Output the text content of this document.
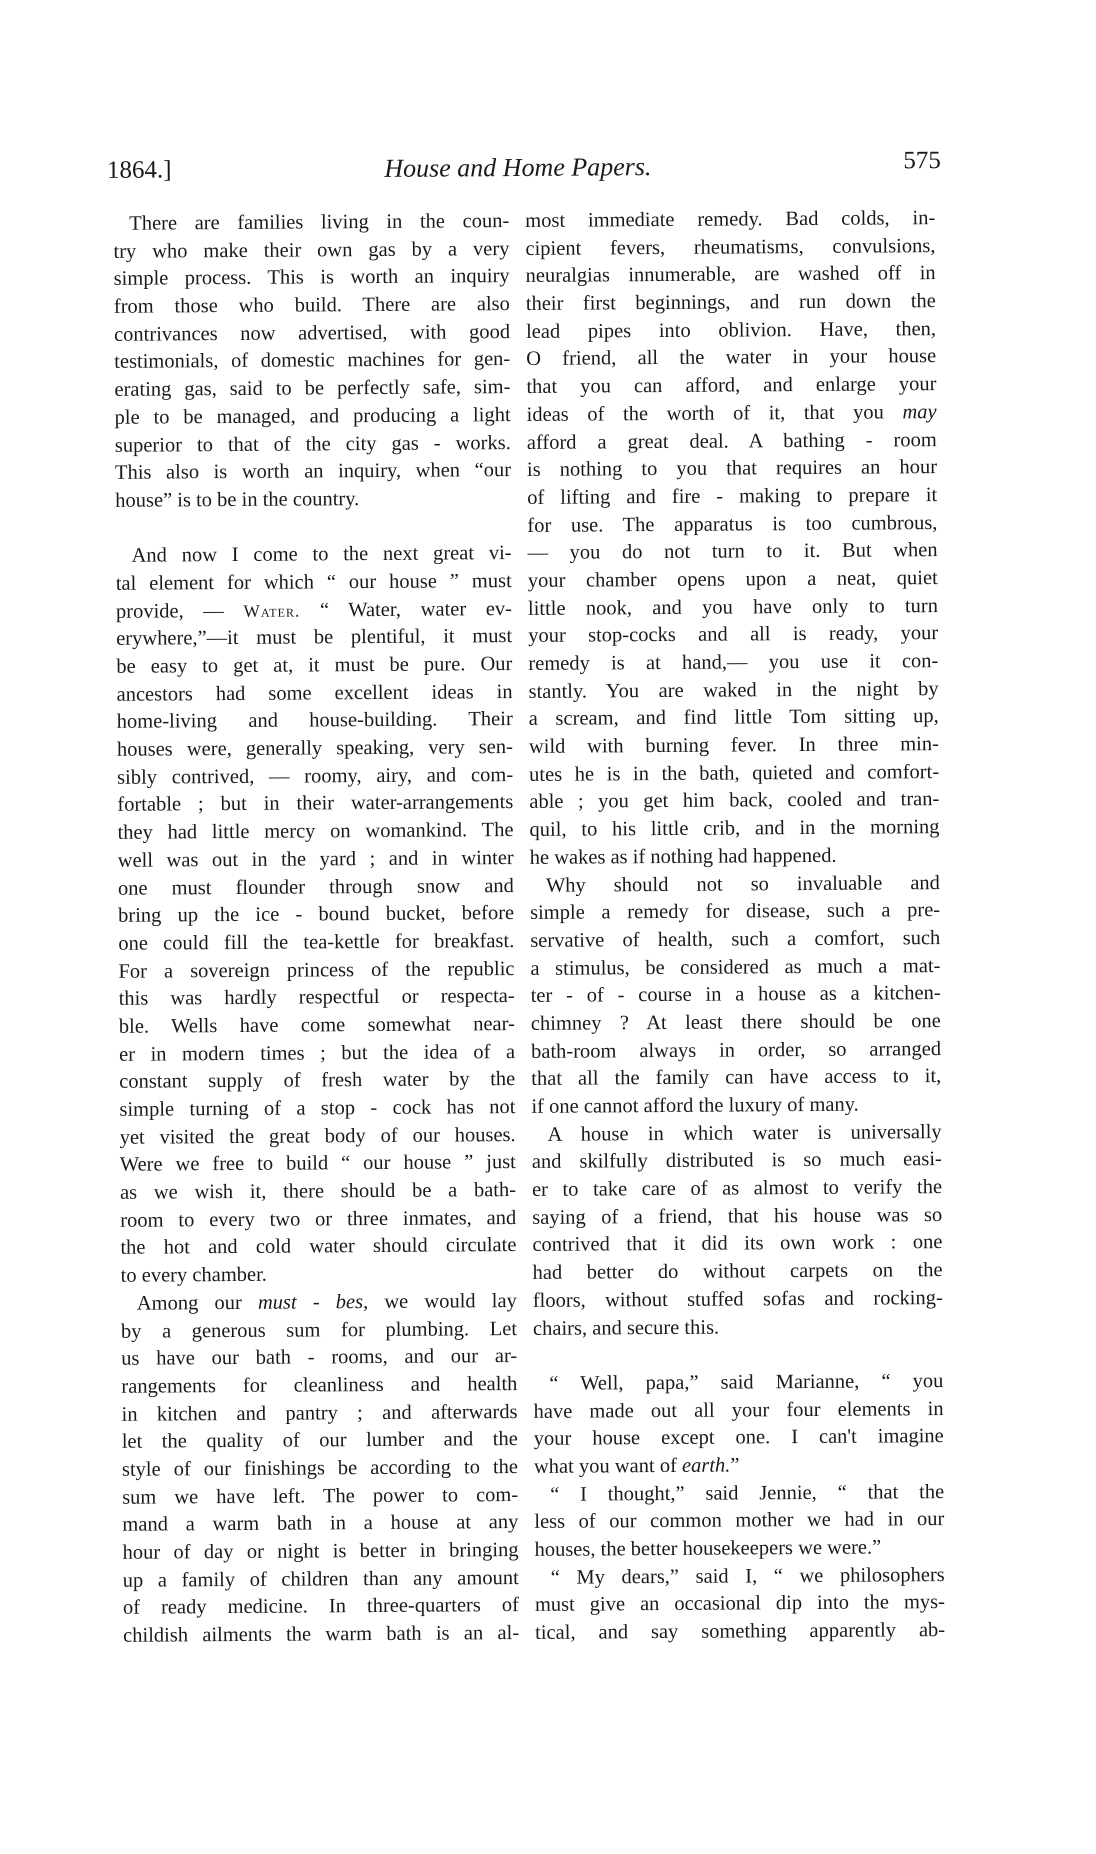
1864.]	House and Home Papers.	575
There are families living in the coun-
try who make their own gas by a very
simple process. This is worth an inquiry
from those who build. There are also
contrivances now advertised, with good
testimonials, of domestic machines for gen-
erating gas, said to be perfectly safe, sim-
ple to be managed, and producing a light
superior to that of the city gas - works.
This also is worth an inquiry, when “our
house” is to be in the country.
And now I come to the next great vi-
tal element for which “ our house ” must
provide, — Water. “ Water, water ev-
erywhere,”—it must be plentiful, it must
be easy to get at, it must be pure. Our
ancestors had some excellent ideas in
home-living and house-building. Their
houses were, generally speaking, very sen-
sibly contrived, — roomy, airy, and com-
fortable ; but in their water-arrangements
they had little mercy on womankind. The
well was out in the yard ; and in winter
one must flounder through snow and
bring up the ice - bound bucket, before
one could fill the tea-kettle for breakfast.
For a sovereign princess of the republic
this was hardly respectful or respecta-
ble. Wells have come somewhat near-
er in modern times ; but the idea of a
constant supply of fresh water by the
simple turning of a stop - cock has not
yet visited the great body of our houses.
Were we free to build “ our house ” just
as we wish it, there should be a bath-
room to every two or three inmates, and
the hot and cold water should circulate
to every chamber.
Among our must - bes, we would lay
by a generous sum for plumbing. Let
us have our bath - rooms, and our ar-
rangements for cleanliness and health
in kitchen and pantry ; and afterwards
let the quality of our lumber and the
style of our finishings be according to the
sum we have left. The power to com-
mand a warm bath in a house at any
hour of day or night is better in bringing
up a family of children than any amount
of ready medicine. In three-quarters of
childish ailments the warm bath is an al-
most immediate remedy. Bad colds, in-
cipient fevers, rheumatisms, convulsions,
neuralgias innumerable, are washed off in
their first beginnings, and run down the
lead pipes into oblivion. Have, then,
O friend, all the water in your house
that you can afford, and enlarge your
ideas of the worth of it, that you may
afford a great deal. A bathing - room
is nothing to you that requires an hour
of lifting and fire - making to prepare it
for use. The apparatus is too cumbrous,
— you do not turn to it. But when
your chamber opens upon a neat, quiet
little nook, and you have only to turn
your stop-cocks and all is ready, your
remedy is at hand,— you use it con-
stantly. You are waked in the night by
a scream, and find little Tom sitting up,
wild with burning fever. In three min-
utes he is in the bath, quieted and comfort-
able ; you get him back, cooled and tran-
quil, to his little crib, and in the morning
he wakes as if nothing had happened.
Why should not so invaluable and
simple a remedy for disease, such a pre-
servative of health, such a comfort, such
a stimulus, be considered as much a mat-
ter - of - course in a house as a kitchen-
chimney ? At least there should be one
bath-room always in order, so arranged
that all the family can have access to it,
if one cannot afford the luxury of many.
A house in which water is universally
and skilfully distributed is so much easi-
er to take care of as almost to verify the
saying of a friend, that his house was so
contrived that it did its own work : one
had better do without carpets on the
floors, without stuffed sofas and rocking-
chairs, and secure this.
“ Well, papa,” said Marianne, “ you
have made out all your four elements in
your house except one. I can't imagine
what you want of earth.”
“ I thought,” said Jennie, “ that the
less of our common mother we had in our
houses, the better housekeepers we were.”
“ My dears,” said I, “ we philosophers
must give an occasional dip into the mys-
tical, and say something apparently ab-
